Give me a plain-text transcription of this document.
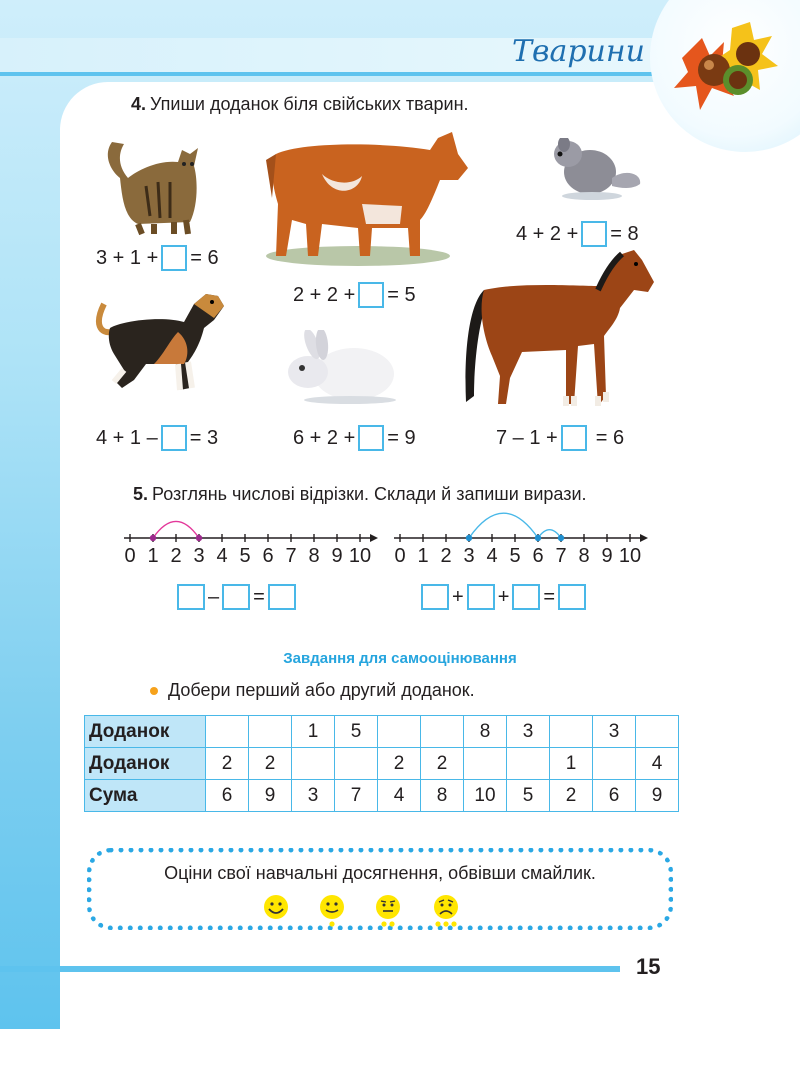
Тварини
4. Упиши доданок біля свійських тварин.
3 + 1 + = 6
2 + 2 + = 5
4 + 2 + = 8
4 + 1 – = 3	6 + 2 + = 9	7 – 1 + = 6
5. Розглянь числові відрізки. Склади й запиши вирази.
0 1 2 3 4 5 6 7 8 9 10 0 1 2 3 4 5 6 7 8 9 10
– =	+ + =
Завдання для самооцінювання
Добери перший або другий доданок.
Доданок			1	5			8	3		3	
Доданок	2	2			2	2			1		4
Сума	6	9	3	7	4	8	10	5	2	6	9
Оціни свої навчальні досягнення, обвівши смайлик.
15
